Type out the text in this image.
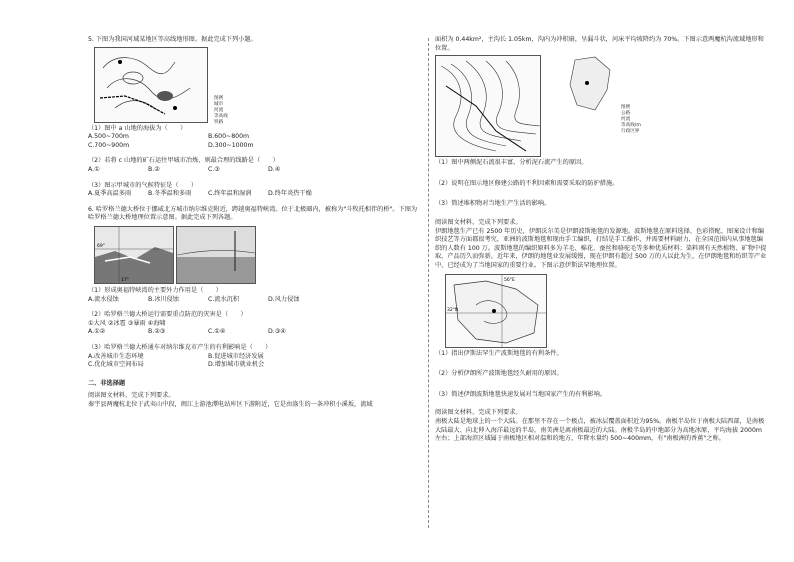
5. 下图为我国河域某地区等高线地形图。据此完成下列小题。

图例
城市
河流
等高线
铁路

（1）图中 a 山地的海拔为（　　）

A.500~700m	B.600~800m
C.700~900m	D.300~1000m

（2）若将 c 山地的矿石运往甲城市冶炼，则最合理的线路是（　　）

A.①	B.②	C.③	D.④

（3）图示甲城市的气候特征是（　　）

A.夏季高温多雨	B.冬季温和多雨	C.终年温和湿润	D.终年炎热干燥

6. 哈罗格兰德大桥位于挪威北方城市纳尔维克附近，跨越奥福特峡湾。位于北极圈内，被称为"斗牧托相伴的桥"。下图为哈罗格兰德大桥地理位置示意图。据此完成下列各题。

69°
17°

（1）形成奥福特峡湾的主要外力作用是（　　）

A.流水侵蚀	B.冰川侵蚀	C.流水沉积	D.风力侵蚀

（2）哈罗格兰德大桥运行需要重点防范的灾害是（　　）

①大风 ②冰雹 ③暴雨 ④海啸

A.①②	B.②③	C.①④	D.③④

（3）哈罗格兰德大桥通车对纳尔维克市产生的有利影响是（　　）

A.改善城市生态环境	B.促进城市经济发展
C.优化城市空间布局	D.增加城市就业机会

二、非选择题

阅读图文材料，完成下列要求。

秦宇县两魔杭北位于武夷山中段，闽江上游池潭电站库区下游附近，它是由涤生的一条冲积小溪坂，流域

面积为 0.44km²，主沟长 1.05km，沟内为冲积扇，呈漏斗状，河床平均坡降约为 70%。下图示意两魔杭沟流域地形和位置。

图例
公路
河流
等高线/m
行政区界

（1）图中两侧泥石流很丰富，分析泥石流产生的原因。

（2）说明在图示地区修建公路的不利因素和需要采取的防护措施。

（3）简述堆积物对当地生产生活的影响。

阅读图文材料，完成下列要求。

伊朗地毯生产已有 2500 年历史，伊朗沃尔美是伊朗波斯地毯的发源地。波斯地毯在原料选择、色彩搭配、图案设计和编织技艺等方面都很考究，亚洲的波斯地毯和现由手工编织，打结是手工操作，并需要材料耐力，在全国范围内从事地毯编织的人数有 100 万。波斯地毯的编织原料多为羊毛、棉花、蚕丝和骆驼毛等多种优质材料；染料则有天然植物、矿物中提取，产品历久而弥新。近年来，伊朗的地毯业发展缓慢，现在伊朗有超过 500 万的人以此为生，在伊朗地毯和纺织等产业中，已经成为了当地国家的重要行业。下图示意伊斯法罕地理位置。

56°E
32°N

（1）指出伊斯法罕生产波斯地毯的有利条件。

（2）分析伊朗所产波斯地毯经久耐用的原因。

（3）简述伊朗波斯地毯快速发展对当地国家产生的有利影响。

阅读图文材料，完成下列要求。

南极大陆是地球上的一个大陆。在那里不存在一个极点，被冰层覆盖面积近为95%。南极半岛位于南极大陆西部，是南极大陆最大、向北伸入海洋最远的半岛，南美洲是离南极最近的大陆。南极半岛的中地部分为高地冰原，平均海拔 2000m 左右；上部海滨区域属于南极地区相对温和的地方，年降水量约 500~400mm，有"南极洲的香蕉"之称。
